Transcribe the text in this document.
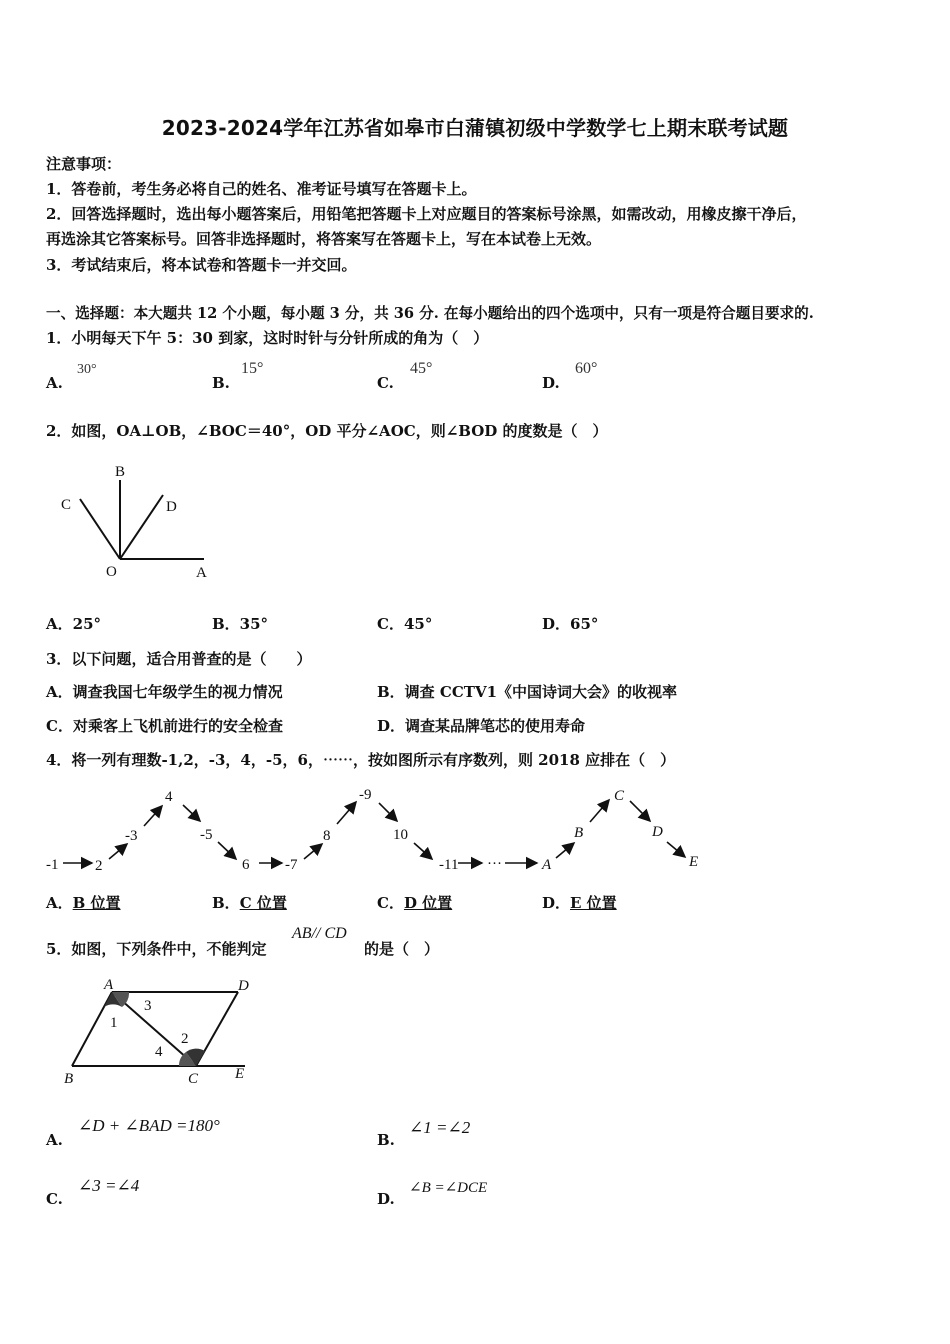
2023-2024学年江苏省如皋市白蒲镇初级中学数学七上期末联考试题
注意事项：
1．答卷前，考生务必将自己的姓名、准考证号填写在答题卡上。
2．回答选择题时，选出每小题答案后，用铅笔把答题卡上对应题目的答案标号涂黑，如需改动，用橡皮擦干净后，
再选涂其它答案标号。回答非选择题时，将答案写在答题卡上，写在本试卷上无效。
3．考试结束后，将本试卷和答题卡一并交回。
一、选择题：本大题共 12 个小题，每小题 3 分，共 36 分. 在每小题给出的四个选项中，只有一项是符合题目要求的.
1．小明每天下午 5：30 到家，这时时针与分针所成的角为（　）
A.
30°
B.
15°
C.
45°
D.
60°
2．如图，OA⊥OB，∠BOC＝40°，OD 平分∠AOC，则∠BOD 的度数是（　）
B
C	D
O	A
A．25°	B．35°	C．45°	D．65°
3．以下问题，适合用普查的是（　　）
A．调查我国七年级学生的视力情况	B．调查 CCTV1《中国诗词大会》的收视率
C．对乘客上飞机前进行的安全检查	D．调查某品牌笔芯的使用寿命
4．将一列有理数-1,2，-3，4，-5，6，⋯⋯，按如图所示有序数列，则 2018 应排在（　）
-1 2
-3
4
-5
6 -7
8
-9
10
-11 ···	A
B
C
D
E
A．B 位置	B．C 位置	C．D 位置	D．E 位置
5．如图，下列条件中，不能判定
AB// CD
的是（　）
A	D
B	C E
1
2
3
4
A.
∠D + ∠BAD =180°
B.
∠1 =∠2
C.
∠3 =∠4
D.
∠B =∠DCE
